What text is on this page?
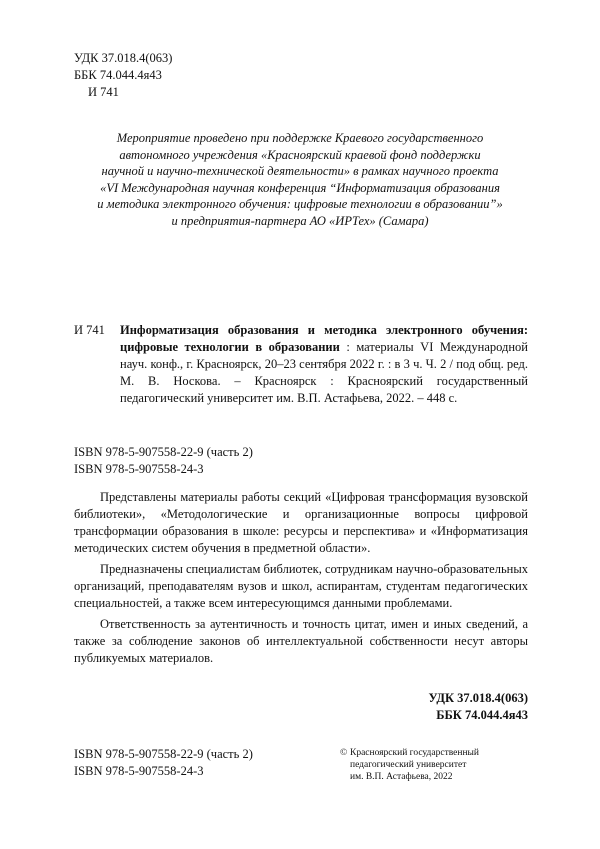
УДК 37.018.4(063)
ББК 74.044.4я43
И 741
Мероприятие проведено при поддержке Краевого государственного
автономного учреждения «Красноярский краевой фонд поддержки
научной и научно-технической деятельности» в рамках научного проекта
«VI Международная научная конференция “Информатизация образования
и методика электронного обучения: цифровые технологии в образовании”»
и предприятия-партнера АО «ИРТех» (Самара)
И 741	Информатизация образования и методика электронного обучения: цифровые технологии в образовании : материалы VI Международной науч. конф., г. Красноярск, 20–23 сентября 2022 г. : в 3 ч. Ч. 2 / под общ. ред. М. В. Носкова. – Красноярск : Красноярский государственный педагогический университет им. В.П. Астафьева, 2022. – 448 с.
ISBN 978-5-907558-22-9 (часть 2)
ISBN 978-5-907558-24-3

Представлены материалы работы секций «Цифровая трансформация вузовской библиотеки», «Методологические и организационные вопросы цифровой трансформации образования в школе: ресурсы и перспектива» и «Информатизация методических систем обучения в предметной области».

Предназначены специалистам библиотек, сотрудникам научно-образовательных организаций, преподавателям вузов и школ, аспирантам, студентам педагогических специальностей, а также всем интересующимся данными проблемами.

Ответственность за аутентичность и точность цитат, имен и иных сведений, а также за соблюдение законов об интеллектуальной собственности несут авторы публикуемых материалов.

УДК 37.018.4(063)
ББК 74.044.4я43
ISBN 978-5-907558-22-9 (часть 2)
ISBN 978-5-907558-24-3
© Красноярский государственный
педагогический университет
им. В.П. Астафьева, 2022
